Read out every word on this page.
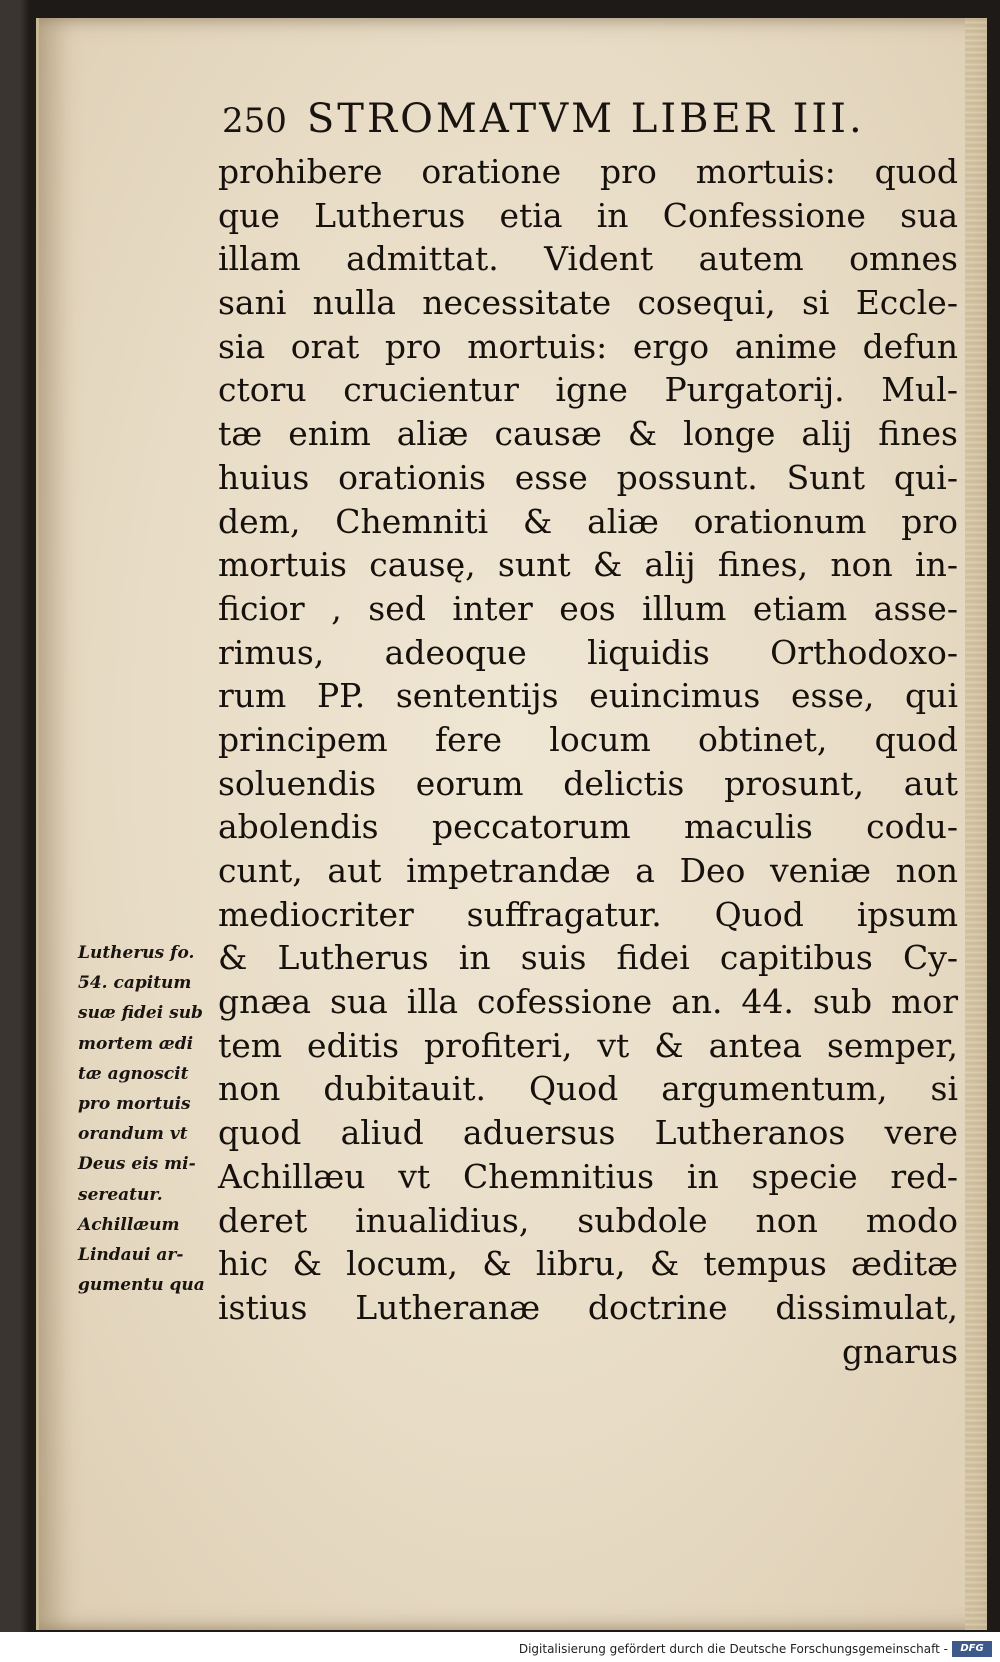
250 STROMATVM LIBER III.
prohibere oratione pro mortuis: quod
que Lutherus etia in Confessione sua
illam admittat. Vident autem omnes
sani nulla necessitate cosequi, si Eccle-
sia orat pro mortuis: ergo anime defun
ctoru crucientur igne Purgatorij. Mul-
tæ enim aliæ causæ & longe alij fines
huius orationis esse possunt. Sunt qui-
dem, Chemniti & aliæ orationum pro
mortuis causę, sunt & alij fines, non in-
ficior , sed inter eos illum etiam asse-
rimus, adeoque liquidis Orthodoxo-
rum PP. sententijs euincimus esse, qui
principem fere locum obtinet, quod
soluendis eorum delictis prosunt, aut
abolendis peccatorum maculis codu-
cunt, aut impetrandæ a Deo veniæ non
mediocriter suffragatur. Quod ipsum
& Lutherus in suis fidei capitibus Cy-
gnæa sua illa cofessione an. 44. sub mor
tem editis profiteri, vt & antea semper,
non dubitauit. Quod argumentum, si
quod aliud aduersus Lutheranos vere
Achillæu vt Chemnitius in specie red-
deret inualidius, subdole non modo
hic & locum, & libru, & tempus æditæ
istius Lutheranæ doctrine dissimulat,
gnarus
Lutherus fo.
54. capitum
suæ fidei sub
mortem ædi
tæ agnoscit
pro mortuis
orandum vt
Deus eis mi-
sereatur.
Achillæum
Lindaui ar-
gumentu qua
Digitalisierung gefördert durch die Deutsche Forschungsgemeinschaft -	DFG
